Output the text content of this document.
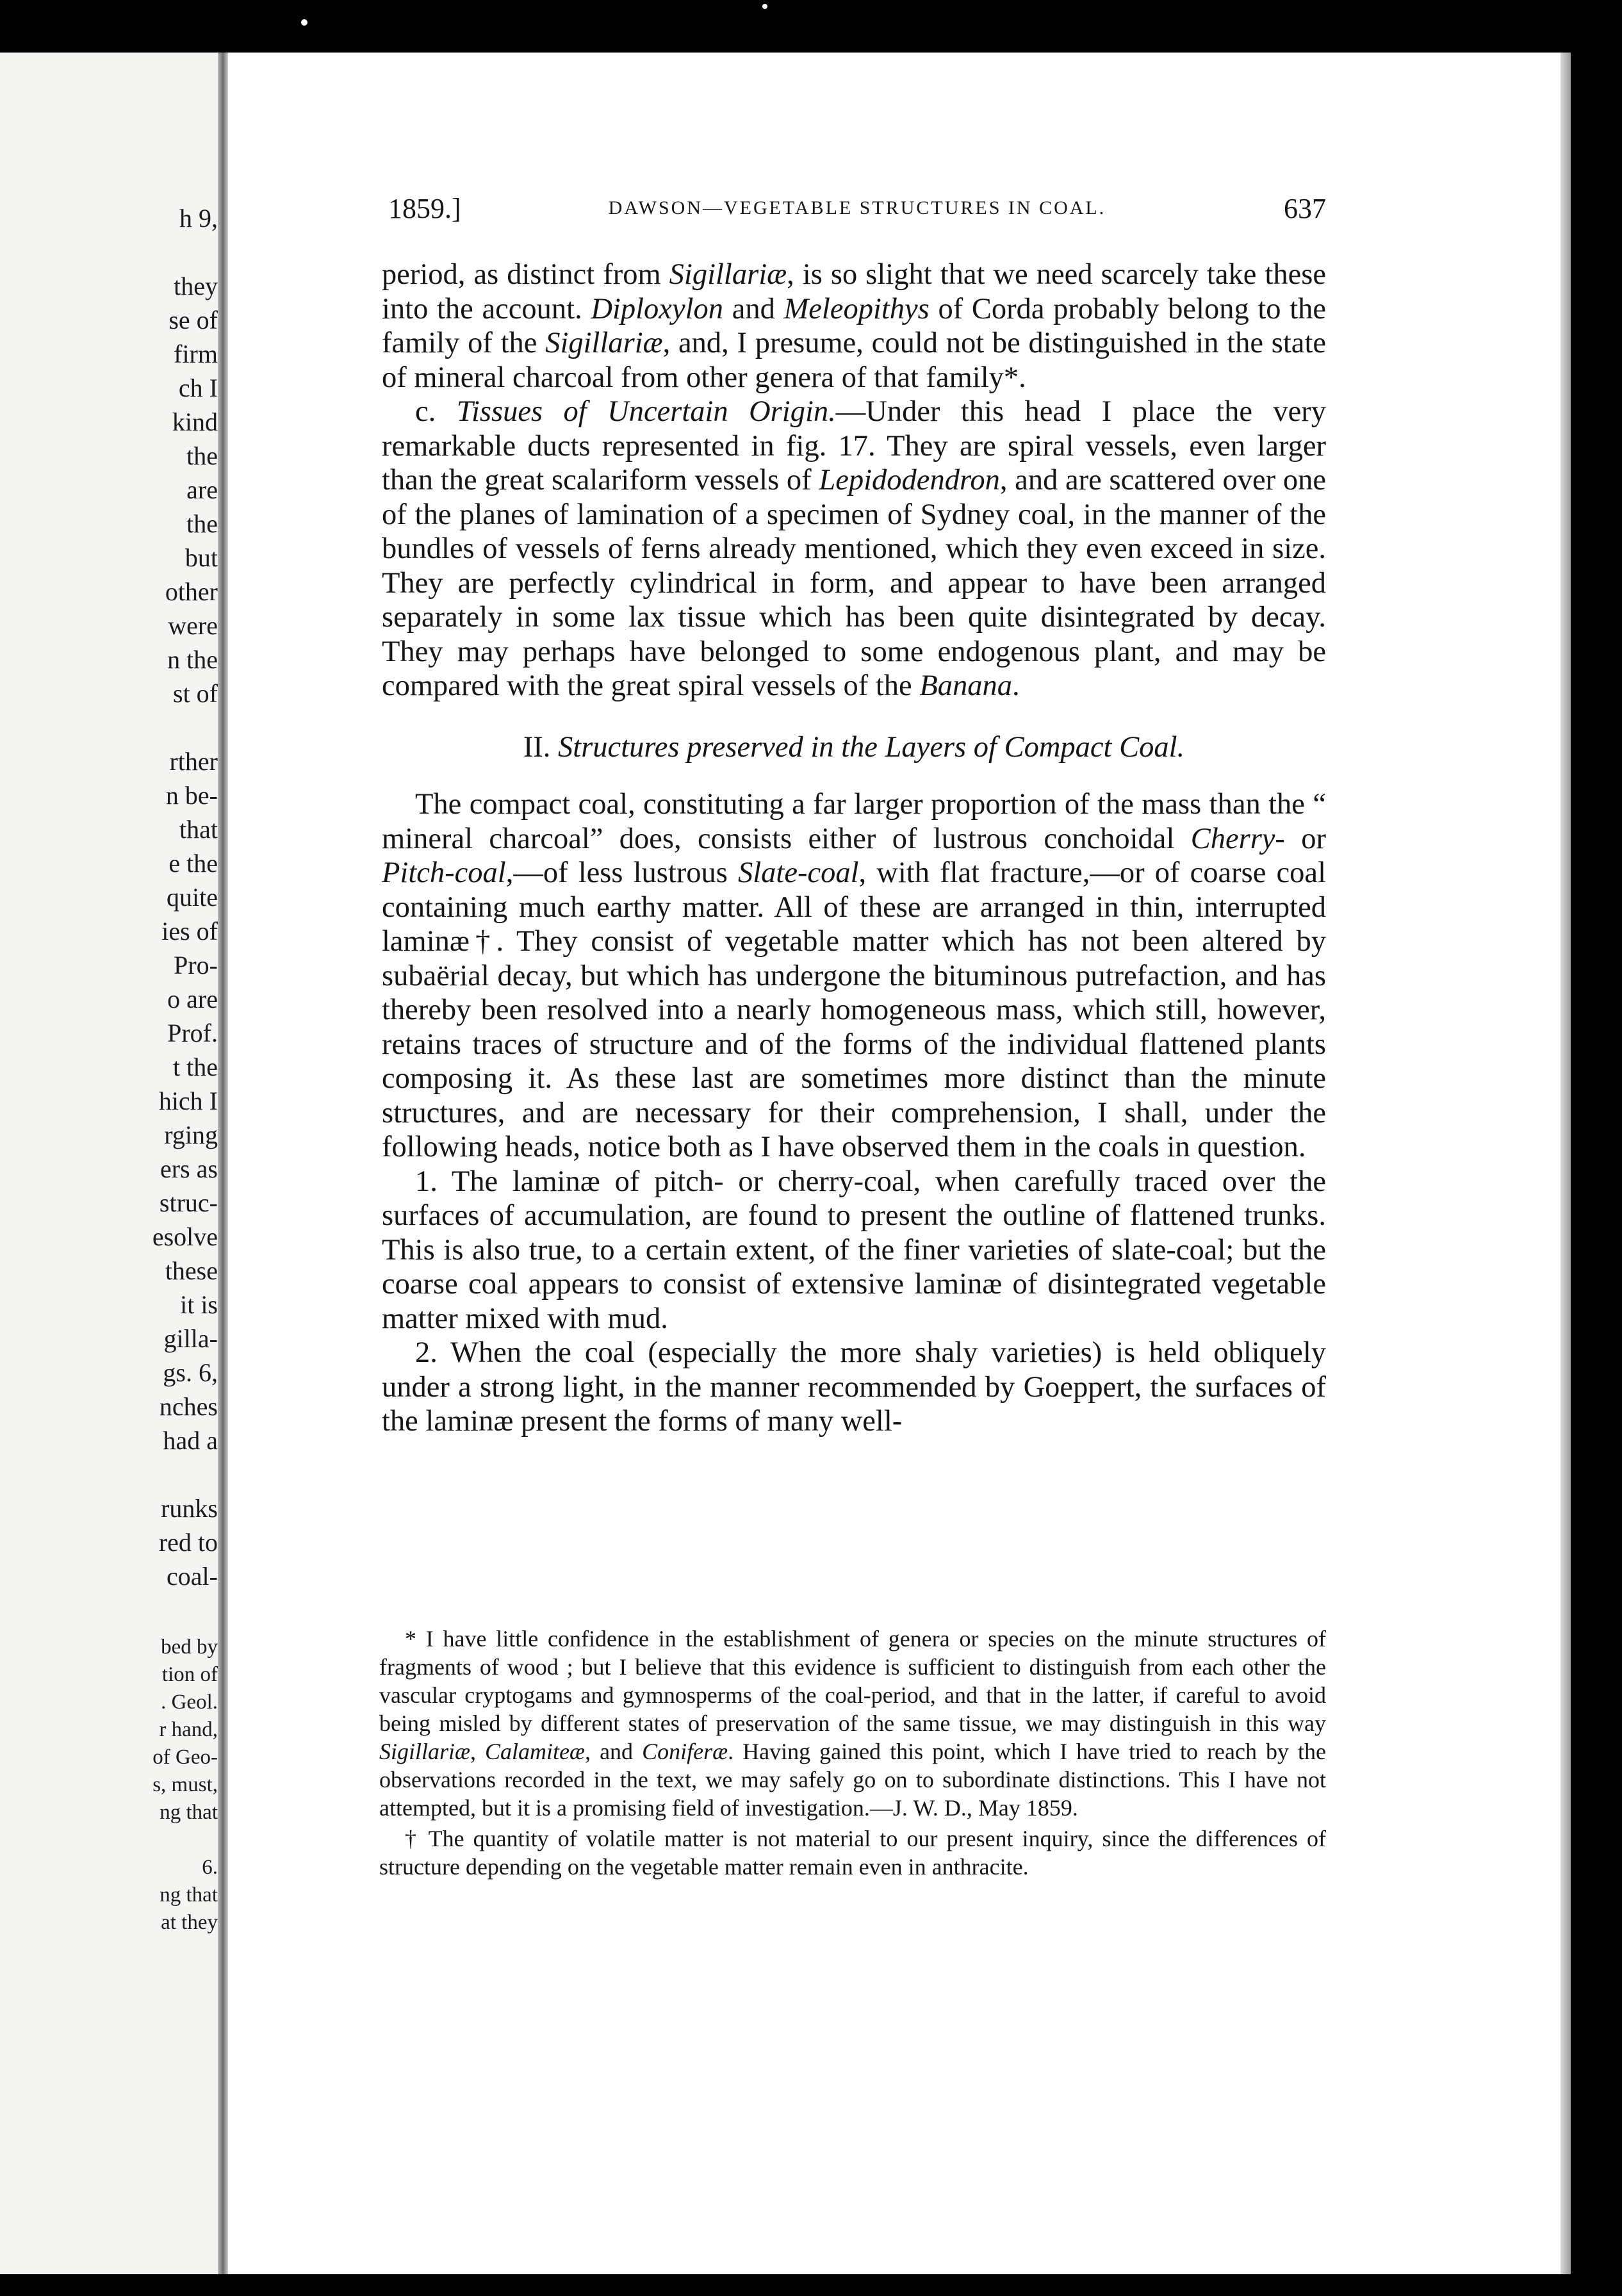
h 9,
they
se of
firm
ch I
kind
the
are
the
but
other
were
n the
st of
rther
n be-
that
e the
quite
ies of
Pro-
o are
Prof.
t the
hich I
rging
ers as
struc-
esolve
these
it is
gilla-
gs. 6,
nches
had a
runks
red to
coal-
bed by
tion of
. Geol.
r hand,
of Geo-
s, must,
ng that
6.
ng that
at they
1859.]	DAWSON—VEGETABLE STRUCTURES IN COAL.	637

period, as distinct from Sigillariæ, is so slight that we need scarcely take these into the account. Diploxylon and Meleopithys of Corda probably belong to the family of the Sigillariæ, and, I presume, could not be distinguished in the state of mineral charcoal from other genera of that family*.

c. Tissues of Uncertain Origin.—Under this head I place the very remarkable ducts represented in fig. 17. They are spiral vessels, even larger than the great scalariform vessels of Lepidodendron, and are scattered over one of the planes of lamination of a specimen of Sydney coal, in the manner of the bundles of vessels of ferns already mentioned, which they even exceed in size. They are perfectly cylindrical in form, and appear to have been arranged separately in some lax tissue which has been quite disintegrated by decay. They may perhaps have belonged to some endogenous plant, and may be compared with the great spiral vessels of the Banana.

II. Structures preserved in the Layers of Compact Coal.

The compact coal, constituting a far larger proportion of the mass than the “ mineral charcoal” does, consists either of lustrous conchoidal Cherry- or Pitch-coal,—of less lustrous Slate-coal, with flat fracture,—or of coarse coal containing much earthy matter. All of these are arranged in thin, interrupted laminæ†. They consist of vegetable matter which has not been altered by subaërial decay, but which has undergone the bituminous putrefaction, and has thereby been resolved into a nearly homogeneous mass, which still, however, retains traces of structure and of the forms of the individual flattened plants composing it. As these last are sometimes more distinct than the minute structures, and are necessary for their comprehension, I shall, under the following heads, notice both as I have observed them in the coals in question.

1. The laminæ of pitch- or cherry-coal, when carefully traced over the surfaces of accumulation, are found to present the outline of flattened trunks. This is also true, to a certain extent, of the finer varieties of slate-coal; but the coarse coal appears to consist of extensive laminæ of disintegrated vegetable matter mixed with mud.

2. When the coal (especially the more shaly varieties) is held obliquely under a strong light, in the manner recommended by Goeppert, the surfaces of the laminæ present the forms of many well-

* I have little confidence in the establishment of genera or species on the minute structures of fragments of wood ; but I believe that this evidence is sufficient to distinguish from each other the vascular cryptogams and gymnosperms of the coal-period, and that in the latter, if careful to avoid being misled by different states of preservation of the same tissue, we may distinguish in this way Sigillariæ, Calamiteæ, and Coniferæ. Having gained this point, which I have tried to reach by the observations recorded in the text, we may safely go on to subordinate distinctions. This I have not attempted, but it is a promising field of investigation.—J. W. D., May 1859.

† The quantity of volatile matter is not material to our present inquiry, since the differences of structure depending on the vegetable matter remain even in anthracite.
